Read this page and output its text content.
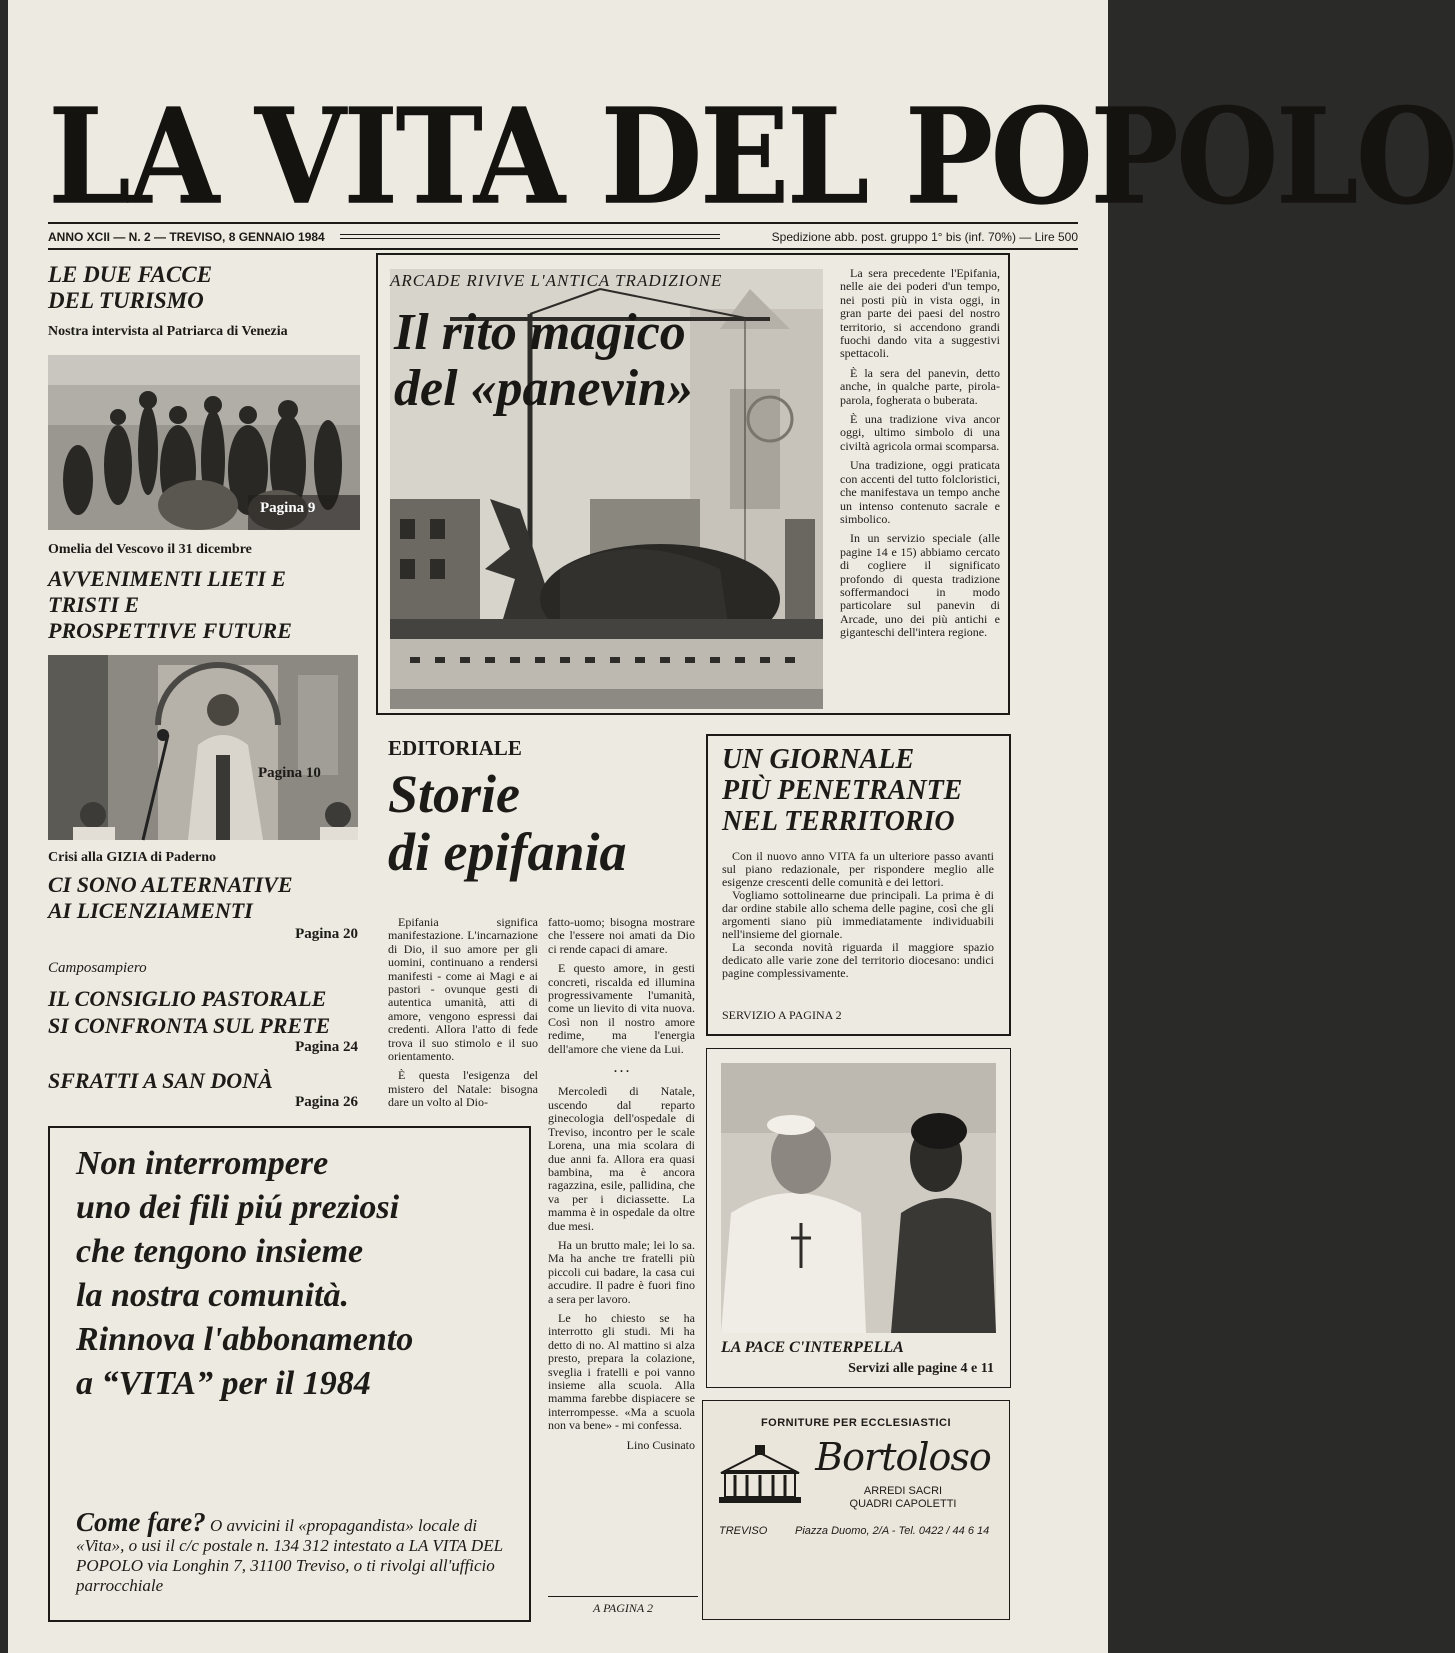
LA VITA DEL POPOLO
ANNO XCII — N. 2 — TREVISO, 8 GENNAIO 1984	Spedizione abb. post. gruppo 1° bis (inf. 70%) — Lire 500
LE DUE FACCE
DEL TURISMO
Nostra intervista al Patriarca di Venezia
Pagina 9
Omelia del Vescovo il 31 dicembre
AVVENIMENTI LIETI E
TRISTI E
PROSPETTIVE FUTURE
Pagina 10
Crisi alla GIZIA di Paderno
CI SONO ALTERNATIVE
AI LICENZIAMENTI
Pagina 20
Camposampiero
IL CONSIGLIO PASTORALE
SI CONFRONTA SUL PRETE
Pagina 24
SFRATTI A SAN DONÀ
Pagina 26
ARCADE RIVIVE L'ANTICA TRADIZIONE
Il rito magico
del «panevin»

La sera precedente l'Epifania, nelle aie dei poderi d'un tempo, nei posti più in vista oggi, in gran parte dei paesi del nostro territorio, si accendono grandi fuochi dando vita a suggestivi spettacoli.

È la sera del panevin, detto anche, in qualche parte, pirola-parola, fogherata o buberata.

È una tradizione viva ancor oggi, ultimo simbolo di una civiltà agricola ormai scomparsa.

Una tradizione, oggi praticata con accenti del tutto folcloristici, che manifestava un tempo anche un intenso contenuto sacrale e simbolico.

In un servizio speciale (alle pagine 14 e 15) abbiamo cercato di cogliere il significato profondo di questa tradizione soffermandoci in modo particolare sul panevin di Arcade, uno dei più antichi e giganteschi dell'intera regione.

EDITORIALE
Storie
di epifania

Epifania significa manifestazione. L'incarnazione di Dio, il suo amore per gli uomini, continuano a rendersi manifesti - come ai Magi e ai pastori - ovunque gesti di autentica umanità, atti di amore, vengono espressi dai credenti. Allora l'atto di fede trova il suo stimolo e il suo orientamento.

È questa l'esigenza del mistero del Natale: bisogna dare un volto al Dio-

fatto-uomo; bisogna mostrare che l'essere noi amati da Dio ci rende capaci di amare.

E questo amore, in gesti concreti, riscalda ed illumina progressivamente l'umanità, come un lievito di vita nuova. Così non il nostro amore redime, ma l'energia dell'amore che viene da Lui.

. . .

Mercoledì di Natale, uscendo dal reparto ginecologia dell'ospedale di Treviso, incontro per le scale Lorena, una mia scolara di due anni fa. Allora era quasi bambina, ma è ancora ragazzina, esile, pallidina, che va per i diciassette. La mamma è in ospedale da oltre due mesi.

Ha un brutto male; lei lo sa. Ma ha anche tre fratelli più piccoli cui badare, la casa cui accudire. Il padre è fuori fino a sera per lavoro.

Le ho chiesto se ha interrotto gli studi. Mi ha detto di no. Al mattino si alza presto, prepara la colazione, sveglia i fratelli e poi vanno insieme alla scuola. Alla mamma farebbe dispiacere se interrompesse. «Ma a scuola non va bene» - mi confessa.

Lino Cusinato
A PAGINA 2
UN GIORNALE
PIÙ PENETRANTE
NEL TERRITORIO

Con il nuovo anno VITA fa un ulteriore passo avanti sul piano redazionale, per rispondere meglio alle esigenze crescenti delle comunità e dei lettori.

Vogliamo sottolinearne due principali. La prima è di dar ordine stabile allo schema delle pagine, così che gli argomenti siano più immediatamente individuabili nell'insieme del giornale.

La seconda novità riguarda il maggiore spazio dedicato alle varie zone del territorio diocesano: undici pagine complessivamente.

SERVIZIO A PAGINA 2
LA PACE C'INTERPELLA
Servizi alle pagine 4 e 11
Non interrompere
uno dei fili piú preziosi
che tengono insieme
la nostra comunità.
Rinnova l'abbonamento
a “VITA” per il 1984
Come fare? O avvicini il «propagandista» locale di «Vita», o usi il c/c postale n. 134 312 intestato a LA VITA DEL POPOLO via Longhin 7, 31100 Treviso, o ti rivolgi all'ufficio parrocchiale
FORNITURE PER ECCLESIASTICI
Bortoloso
ARREDI SACRI
QUADRI CAPOLETTI
TREVISO	Piazza Duomo, 2/A - Tel. 0422 / 44 6 14
